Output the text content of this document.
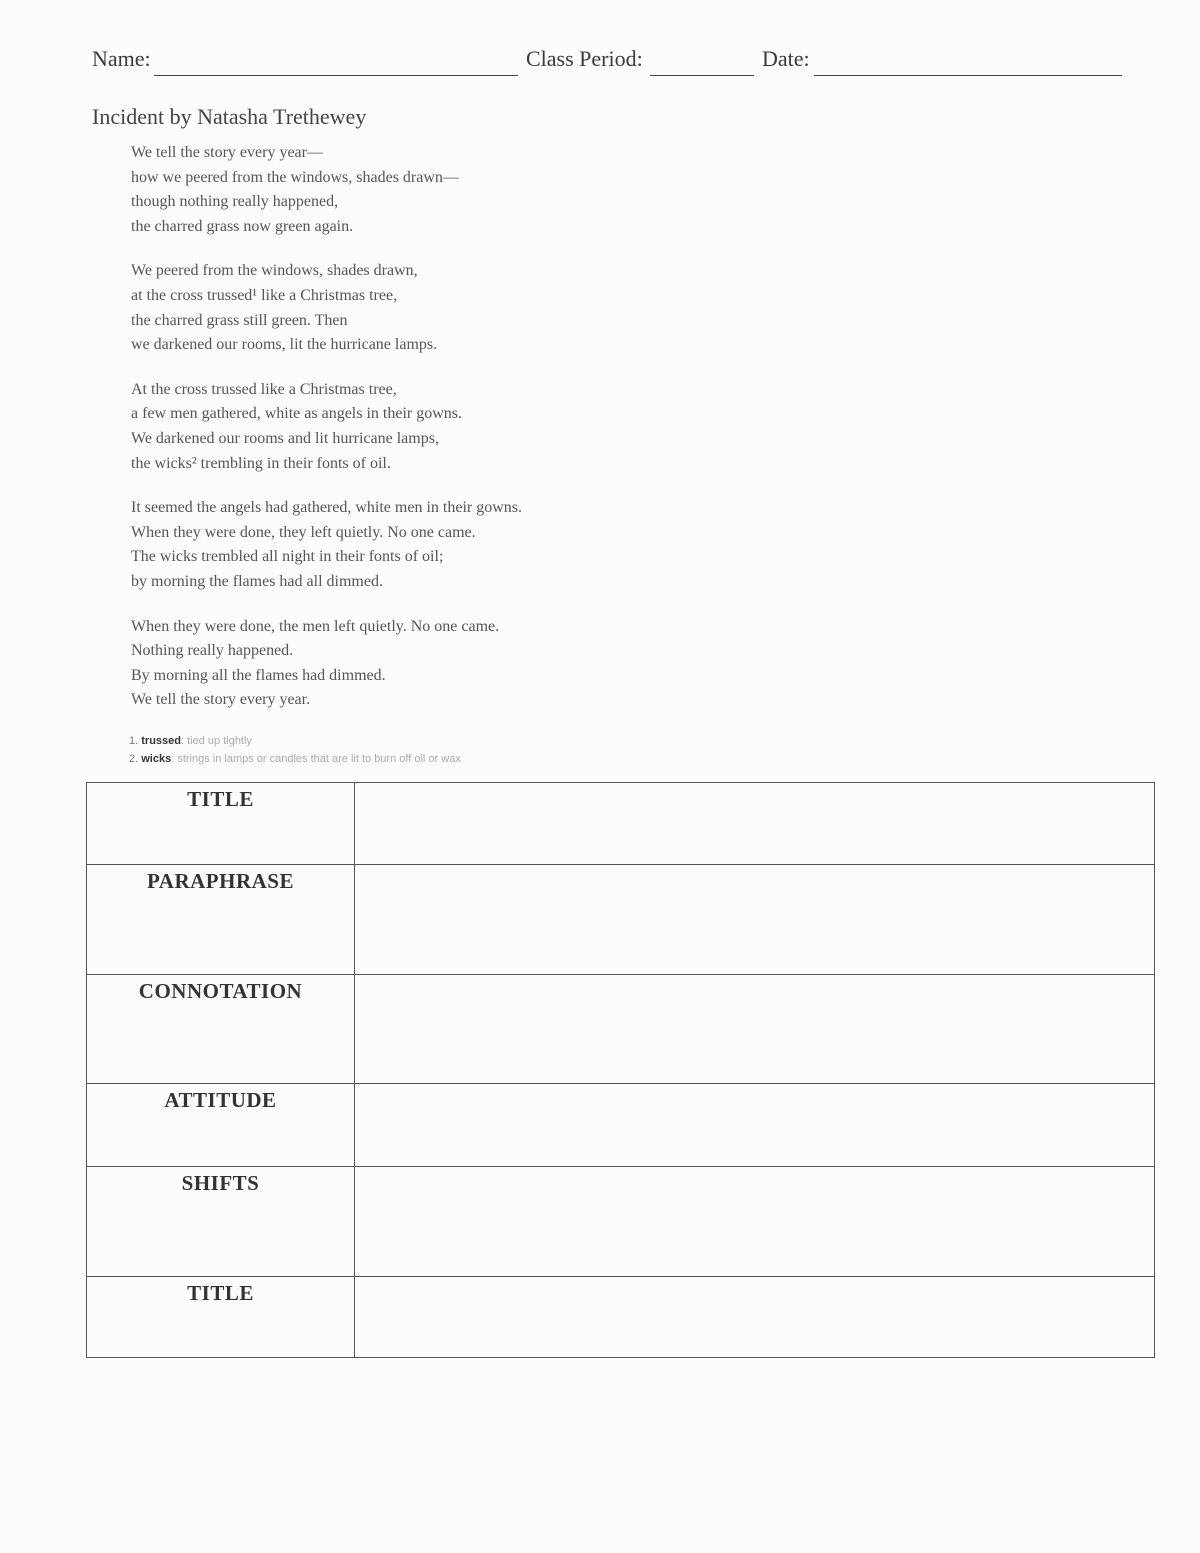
Name:	Class Period:	Date:
Incident by Natasha Trethewey
We tell the story every year—
how we peered from the windows, shades drawn—
though nothing really happened,
the charred grass now green again.
We peered from the windows, shades drawn,
at the cross trussed¹ like a Christmas tree,
the charred grass still green. Then
we darkened our rooms, lit the hurricane lamps.
At the cross trussed like a Christmas tree,
a few men gathered, white as angels in their gowns.
We darkened our rooms and lit hurricane lamps,
the wicks² trembling in their fonts of oil.
It seemed the angels had gathered, white men in their gowns.
When they were done, they left quietly. No one came.
The wicks trembled all night in their fonts of oil;
by morning the flames had all dimmed.
When they were done, the men left quietly. No one came.
Nothing really happened.
By morning all the flames had dimmed.
We tell the story every year.
1. trussed: tied up tightly
2. wicks: strings in lamps or candles that are lit to burn off oil or wax
TITLE	
PARAPHRASE	
CONNOTATION	
ATTITUDE	
SHIFTS	
TITLE	
